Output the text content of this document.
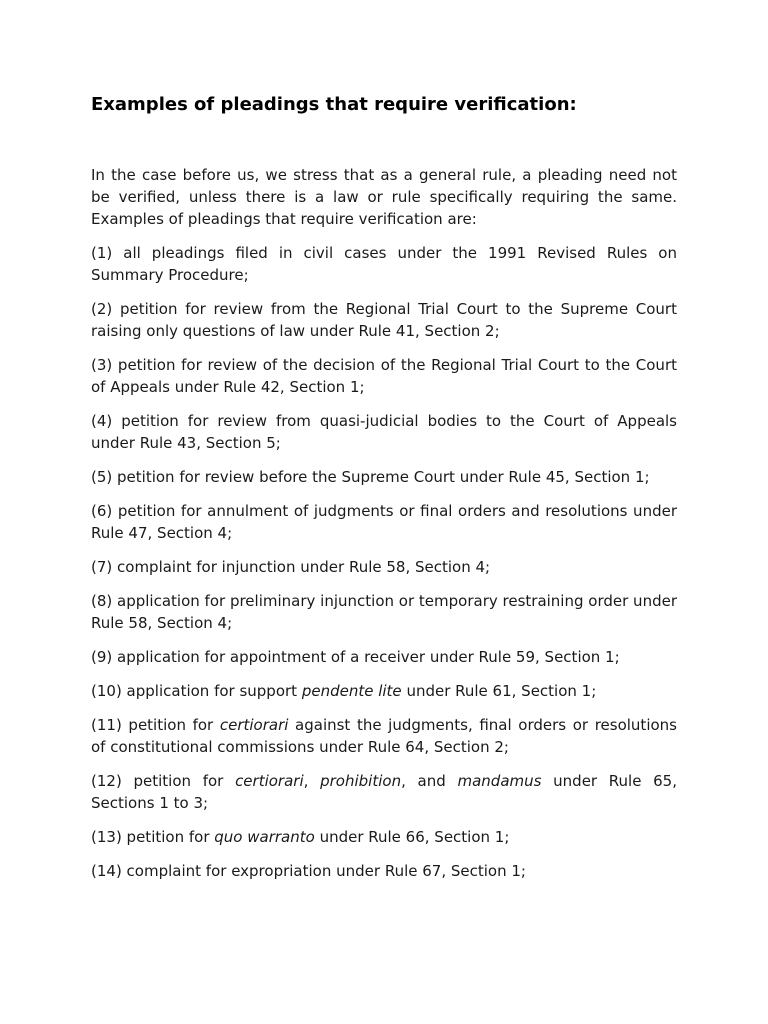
Examples of pleadings that require verification:

In the case before us, we stress that as a general rule, a pleading need not be verified, unless there is a law or rule specifically requiring the same. Examples of pleadings that require verification are:

(1) all pleadings filed in civil cases under the 1991 Revised Rules on Summary Procedure;

(2) petition for review from the Regional Trial Court to the Supreme Court raising only questions of law under Rule 41, Section 2;

(3) petition for review of the decision of the Regional Trial Court to the Court of Appeals under Rule 42, Section 1;

(4) petition for review from quasi-judicial bodies to the Court of Appeals under Rule 43, Section 5;

(5) petition for review before the Supreme Court under Rule 45, Section 1;

(6) petition for annulment of judgments or final orders and resolutions under Rule 47, Section 4;

(7) complaint for injunction under Rule 58, Section 4;

(8) application for preliminary injunction or temporary restraining order under Rule 58, Section 4;

(9) application for appointment of a receiver under Rule 59, Section 1;

(10) application for support pendente lite under Rule 61, Section 1;

(11) petition for certiorari against the judgments, final orders or resolutions of constitutional commissions under Rule 64, Section 2;

(12) petition for certiorari, prohibition, and mandamus under Rule 65, Sections 1 to 3;

(13) petition for quo warranto under Rule 66, Section 1;

(14) complaint for expropriation under Rule 67, Section 1;
